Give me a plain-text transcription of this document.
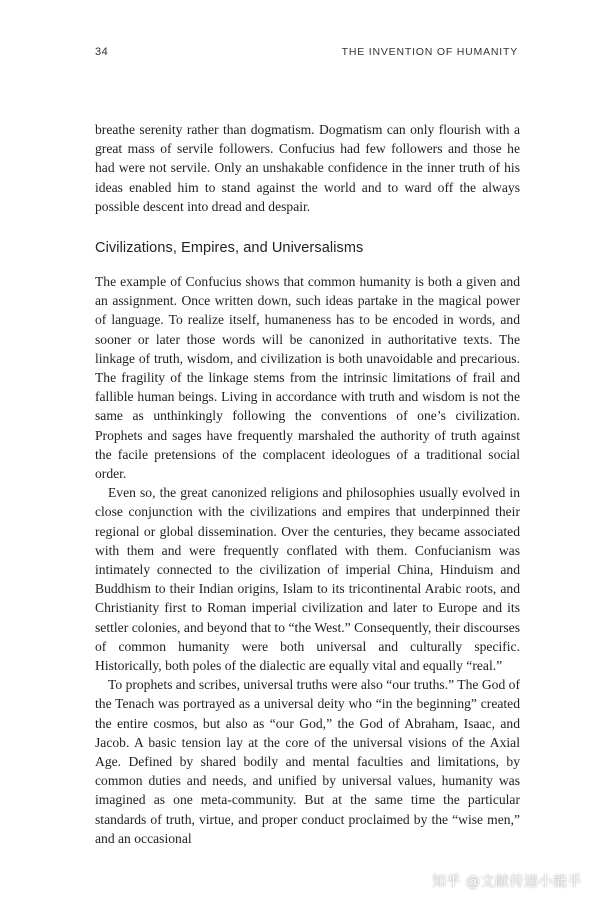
34	THE INVENTION OF HUMANITY

breathe serenity rather than dogmatism. Dogmatism can only flourish with a great mass of servile followers. Confucius had few followers and those he had were not servile. Only an unshakable confidence in the inner truth of his ideas enabled him to stand against the world and to ward off the always possible descent into dread and despair.

Civilizations, Empires, and Universalisms

The example of Confucius shows that common humanity is both a given and an assignment. Once written down, such ideas partake in the magical power of language. To realize itself, humaneness has to be encoded in words, and sooner or later those words will be canonized in authoritative texts. The linkage of truth, wisdom, and civilization is both unavoidable and precarious. The fragility of the linkage stems from the intrinsic limitations of frail and fallible human beings. Living in accordance with truth and wisdom is not the same as unthinkingly following the conventions of one’s civilization. Prophets and sages have frequently marshaled the authority of truth against the facile pretensions of the complacent ideologues of a traditional social order.

Even so, the great canonized religions and philosophies usually evolved in close conjunction with the civilizations and empires that underpinned their regional or global dissemination. Over the centuries, they became associated with them and were frequently conflated with them. Confucianism was intimately connected to the civilization of imperial China, Hinduism and Buddhism to their Indian origins, Islam to its tricontinental Arabic roots, and Christianity first to Roman imperial civilization and later to Europe and its settler colonies, and beyond that to “the West.” Consequently, their discourses of common humanity were both universal and culturally specific. Historically, both poles of the dialectic are equally vital and equally “real.”

To prophets and scribes, universal truths were also “our truths.” The God of the Tenach was portrayed as a universal deity who “in the beginning” created the entire cosmos, but also as “our God,” the God of Abraham, Isaac, and Jacob. A basic tension lay at the core of the universal visions of the Axial Age. Defined by shared bodily and mental faculties and limitations, by common duties and needs, and unified by universal values, humanity was imagined as one meta-community. But at the same time the particular standards of truth, virtue, and proper conduct proclaimed by the “wise men,” and an occasional

知乎 @文献传递小能手
